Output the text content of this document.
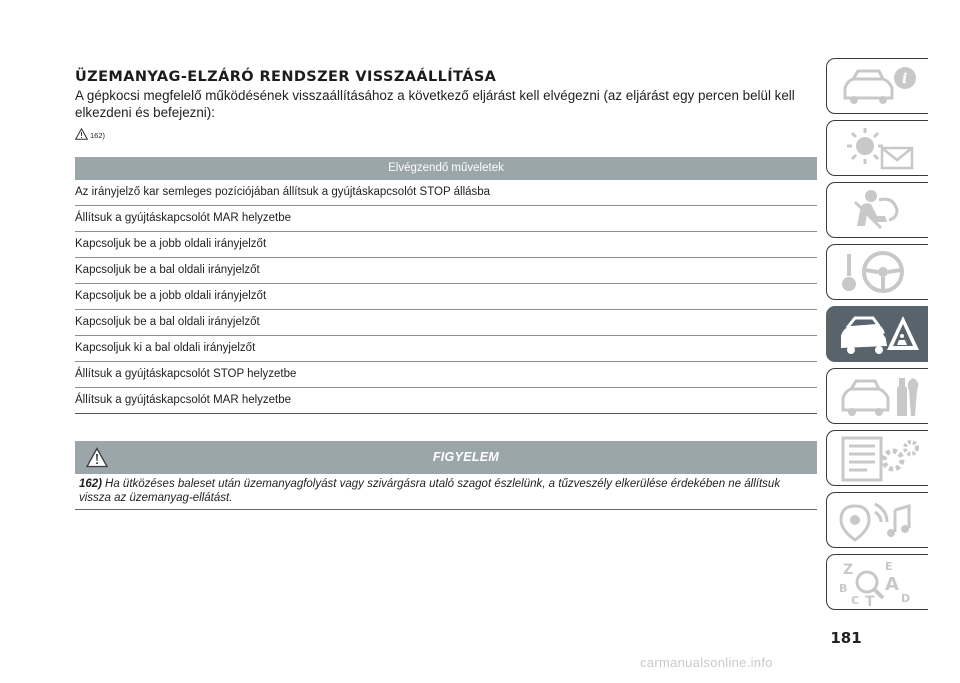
ÜZEMANYAG-ELZÁRÓ RENDSZER VISSZAÁLLÍTÁSA

A gépkocsi megfelelő működésének visszaállításához a következő eljárást kell elvégezni (az eljárást egy percen belül kell elkezdeni és befejezni):

162)
Elvégzendő műveletek
Az irányjelző kar semleges pozíciójában állítsuk a gyújtáskapcsolót STOP állásba
Állítsuk a gyújtáskapcsolót MAR helyzetbe
Kapcsoljuk be a jobb oldali irányjelzőt
Kapcsoljuk be a bal oldali irányjelzőt
Kapcsoljuk be a jobb oldali irányjelzőt
Kapcsoljuk be a bal oldali irányjelzőt
Kapcsoljuk ki a bal oldali irányjelzőt
Állítsuk a gyújtáskapcsolót STOP helyzetbe
Állítsuk a gyújtáskapcsolót MAR helyzetbe
FIGYELEM
162) Ha ütközéses baleset után üzemanyagfolyást vagy szivárgásra utaló szagot észlelünk, a tűzveszély elkerülése érdekében ne állítsuk vissza az üzemanyag-ellátást.
181
i
Z	E
B A
C T D
carmanualsonline.info
